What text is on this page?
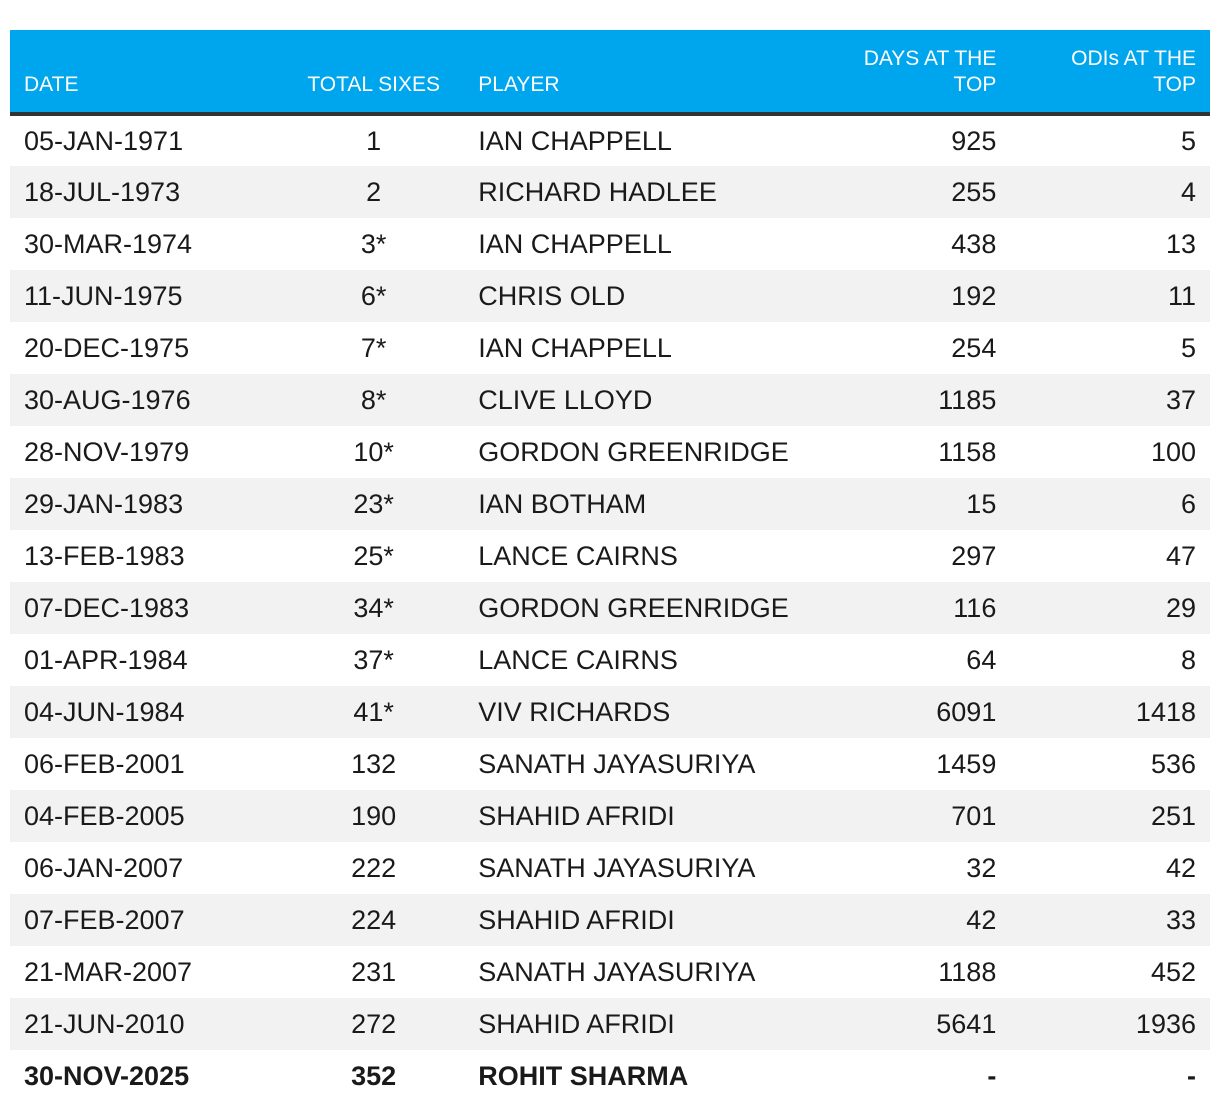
DATE	TOTAL SIXES	PLAYER	DAYS AT THE TOP	ODIs AT THE TOP
05-JAN-1971	1	IAN CHAPPELL	925	5
18-JUL-1973	2	RICHARD HADLEE	255	4
30-MAR-1974	3*	IAN CHAPPELL	438	13
11-JUN-1975	6*	CHRIS OLD	192	11
20-DEC-1975	7*	IAN CHAPPELL	254	5
30-AUG-1976	8*	CLIVE LLOYD	1185	37
28-NOV-1979	10*	GORDON GREENRIDGE	1158	100
29-JAN-1983	23*	IAN BOTHAM	15	6
13-FEB-1983	25*	LANCE CAIRNS	297	47
07-DEC-1983	34*	GORDON GREENRIDGE	116	29
01-APR-1984	37*	LANCE CAIRNS	64	8
04-JUN-1984	41*	VIV RICHARDS	6091	1418
06-FEB-2001	132	SANATH JAYASURIYA	1459	536
04-FEB-2005	190	SHAHID AFRIDI	701	251
06-JAN-2007	222	SANATH JAYASURIYA	32	42
07-FEB-2007	224	SHAHID AFRIDI	42	33
21-MAR-2007	231	SANATH JAYASURIYA	1188	452
21-JUN-2010	272	SHAHID AFRIDI	5641	1936
30-NOV-2025	352	ROHIT SHARMA	-	-
